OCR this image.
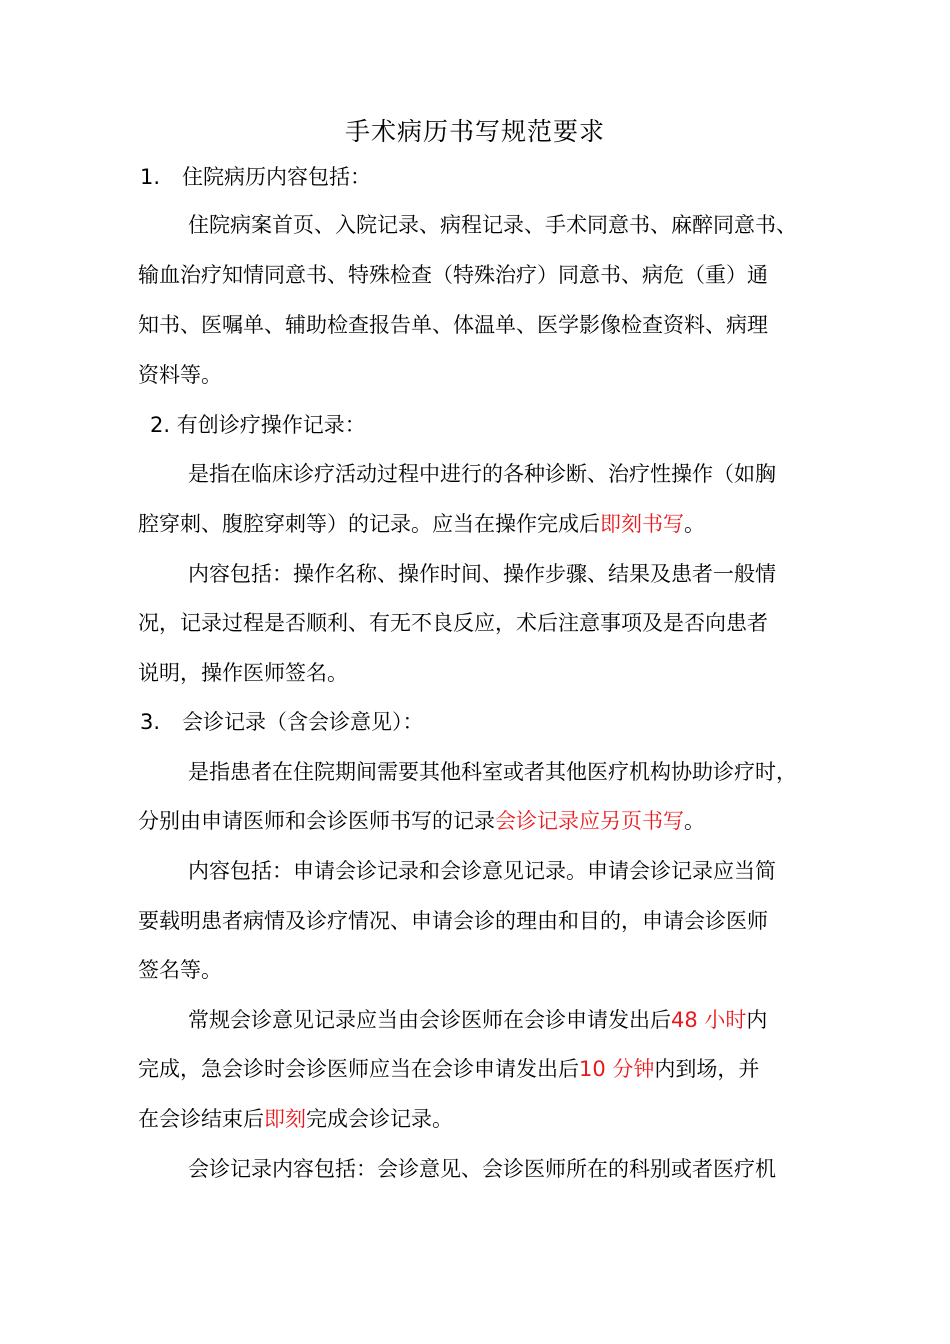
手术病历书写规范要求
1. 住院病历内容包括：
住院病案首页、入院记录、病程记录、手术同意书、麻醉同意书、
输血治疗知情同意书、特殊检查（特殊治疗）同意书、病危（重）通
知书、医嘱单、辅助检查报告单、体温单、医学影像检查资料、病理
资料等。
2. 有创诊疗操作记录：
是指在临床诊疗活动过程中进行的各种诊断、治疗性操作（如胸
腔穿刺、腹腔穿刺等）的记录。应当在操作完成后即刻书写。
内容包括：操作名称、操作时间、操作步骤、结果及患者一般情
况，记录过程是否顺利、有无不良反应，术后注意事项及是否向患者
说明，操作医师签名。
3. 会诊记录（含会诊意见）：
是指患者在住院期间需要其他科室或者其他医疗机构协助诊疗时，
分别由申请医师和会诊医师书写的记录会诊记录应另页书写。
内容包括：申请会诊记录和会诊意见记录。申请会诊记录应当简
要载明患者病情及诊疗情况、申请会诊的理由和目的，申请会诊医师
签名等。
常规会诊意见记录应当由会诊医师在会诊申请发出后48 小时内
完成，急会诊时会诊医师应当在会诊申请发出后10 分钟内到场，并
在会诊结束后即刻完成会诊记录。
会诊记录内容包括：会诊意见、会诊医师所在的科别或者医疗机
